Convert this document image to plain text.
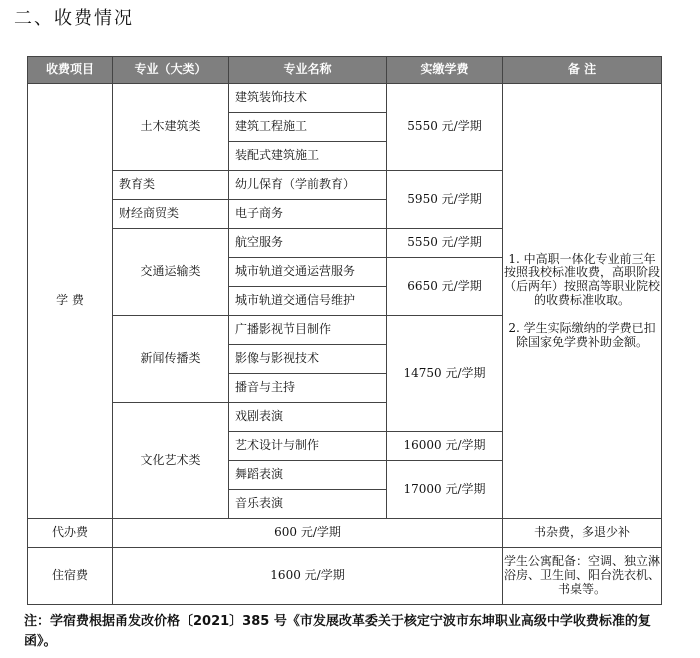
二、收费情况
收费项目	专业（大类）	专业名称	实缴学费	备 注
学 费	土木建筑类	建筑装饰技术	5550 元/学期	1. 中高职一体化专业前三年按照我校标准收费，高职阶段（后两年）按照高等职业院校的收费标准收取。

2. 学生实际缴纳的学费已扣除国家免学费补助金额。

		建筑工程施工		
		装配式建筑施工		
	教育类	幼儿保育（学前教育）	5950 元/学期	
	财经商贸类	电子商务		
	交通运输类	航空服务	5550 元/学期	
		城市轨道交通运营服务	6650 元/学期	
		城市轨道交通信号维护		
	新闻传播类	广播影视节目制作	14750 元/学期	
		影像与影视技术		
		播音与主持		
	文化艺术类	戏剧表演		
		艺术设计与制作	16000 元/学期	
		舞蹈表演	17000 元/学期	
		音乐表演		
代办费	600 元/学期			书杂费，多退少补
住宿费	1600 元/学期			学生公寓配备：空调、独立淋浴房、卫生间、阳台洗衣机、书桌等。
注：学宿费根据甬发改价格〔2021〕385 号《市发展改革委关于核定宁波市东坤职业高级中学收费标准的复函》。
